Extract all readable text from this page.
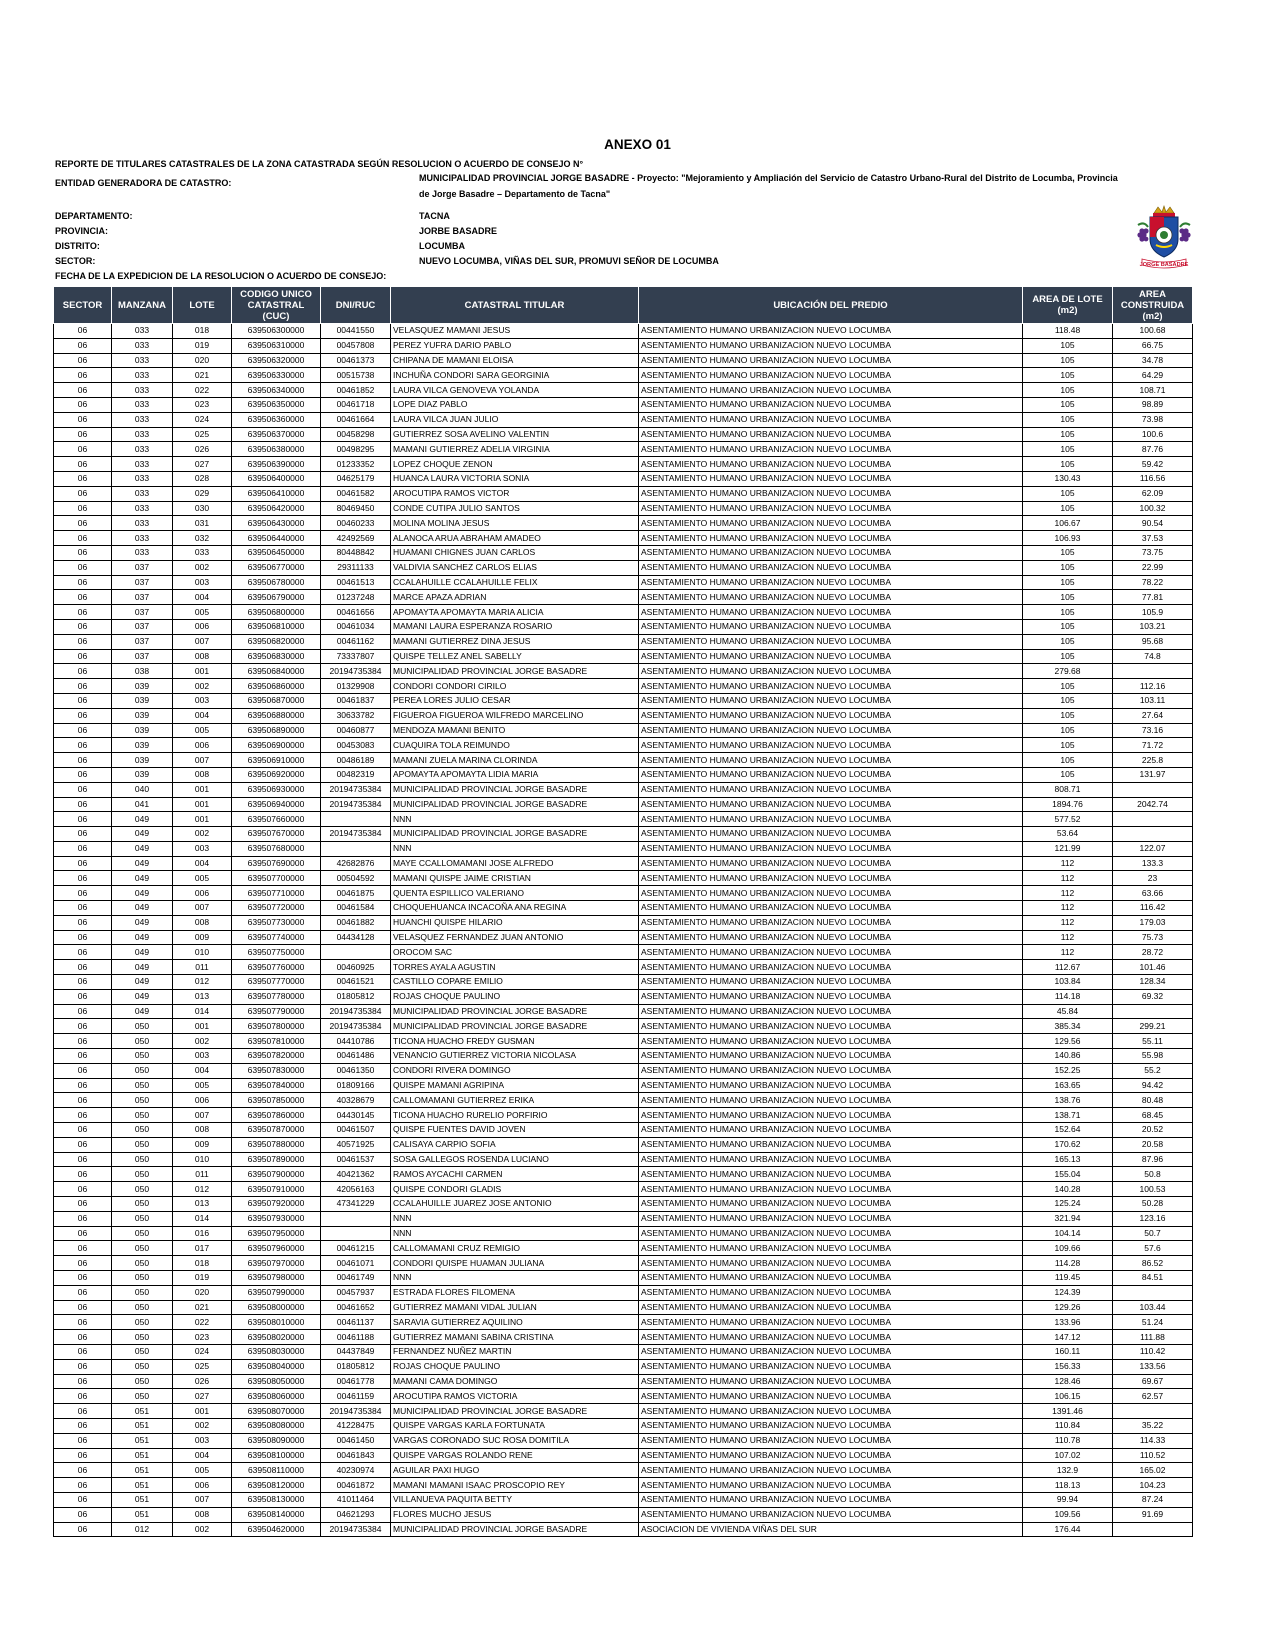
ANEXO 01
REPORTE DE TITULARES CATASTRALES DE LA ZONA CATASTRADA SEGÚN RESOLUCION O ACUERDO DE CONSEJO N°
ENTIDAD GENERADORA DE CATASTRO:	MUNICIPALIDAD PROVINCIAL JORGE BASADRE - Proyecto: "Mejoramiento y Ampliación del Servicio de Catastro Urbano-Rural del Distrito de Locumba, Provincia de Jorge Basadre – Departamento de Tacna"
DEPARTAMENTO:	TACNA
PROVINCIA:	JORBE BASADRE
DISTRITO:	LOCUMBA
SECTOR:	NUEVO LOCUMBA, VIÑAS DEL SUR, PROMUVI SEÑOR DE LOCUMBA
FECHA DE LA EXPEDICION DE LA RESOLUCION O ACUERDO DE CONSEJO:
JORGE BASADRE
SECTOR	MANZANA	LOTE	CODIGO UNICO CATASTRAL (CUC)	DNI/RUC	CATASTRAL TITULAR	UBICACIÓN DEL PREDIO	AREA DE LOTE (m2)	AREA CONSTRUIDA (m2)
06	033	018	639506300000	00441550	VELASQUEZ MAMANI JESUS	ASENTAMIENTO HUMANO URBANIZACION NUEVO LOCUMBA	118.48	100.68
06	033	019	639506310000	00457808	PEREZ YUFRA DARIO PABLO	ASENTAMIENTO HUMANO URBANIZACION NUEVO LOCUMBA	105	66.75
06	033	020	639506320000	00461373	CHIPANA DE MAMANI ELOISA	ASENTAMIENTO HUMANO URBANIZACION NUEVO LOCUMBA	105	34.78
06	033	021	639506330000	00515738	INCHUÑA CONDORI SARA GEORGINIA	ASENTAMIENTO HUMANO URBANIZACION NUEVO LOCUMBA	105	64.29
06	033	022	639506340000	00461852	LAURA VILCA GENOVEVA YOLANDA	ASENTAMIENTO HUMANO URBANIZACION NUEVO LOCUMBA	105	108.71
06	033	023	639506350000	00461718	LOPE DIAZ PABLO	ASENTAMIENTO HUMANO URBANIZACION NUEVO LOCUMBA	105	98.89
06	033	024	639506360000	00461664	LAURA VILCA JUAN JULIO	ASENTAMIENTO HUMANO URBANIZACION NUEVO LOCUMBA	105	73.98
06	033	025	639506370000	00458298	GUTIERREZ SOSA AVELINO VALENTIN	ASENTAMIENTO HUMANO URBANIZACION NUEVO LOCUMBA	105	100.6
06	033	026	639506380000	00498295	MAMANI GUTIERREZ ADELIA VIRGINIA	ASENTAMIENTO HUMANO URBANIZACION NUEVO LOCUMBA	105	87.76
06	033	027	639506390000	01233352	LOPEZ CHOQUE ZENON	ASENTAMIENTO HUMANO URBANIZACION NUEVO LOCUMBA	105	59.42
06	033	028	639506400000	04625179	HUANCA LAURA VICTORIA SONIA	ASENTAMIENTO HUMANO URBANIZACION NUEVO LOCUMBA	130.43	116.56
06	033	029	639506410000	00461582	AROCUTIPA RAMOS VICTOR	ASENTAMIENTO HUMANO URBANIZACION NUEVO LOCUMBA	105	62.09
06	033	030	639506420000	80469450	CONDE CUTIPA JULIO SANTOS	ASENTAMIENTO HUMANO URBANIZACION NUEVO LOCUMBA	105	100.32
06	033	031	639506430000	00460233	MOLINA MOLINA JESUS	ASENTAMIENTO HUMANO URBANIZACION NUEVO LOCUMBA	106.67	90.54
06	033	032	639506440000	42492569	ALANOCA ARUA ABRAHAM AMADEO	ASENTAMIENTO HUMANO URBANIZACION NUEVO LOCUMBA	106.93	37.53
06	033	033	639506450000	80448842	HUAMANI CHIGNES JUAN CARLOS	ASENTAMIENTO HUMANO URBANIZACION NUEVO LOCUMBA	105	73.75
06	037	002	639506770000	29311133	VALDIVIA SANCHEZ CARLOS ELIAS	ASENTAMIENTO HUMANO URBANIZACION NUEVO LOCUMBA	105	22.99
06	037	003	639506780000	00461513	CCALAHUILLE CCALAHUILLE FELIX	ASENTAMIENTO HUMANO URBANIZACION NUEVO LOCUMBA	105	78.22
06	037	004	639506790000	01237248	MARCE APAZA ADRIAN	ASENTAMIENTO HUMANO URBANIZACION NUEVO LOCUMBA	105	77.81
06	037	005	639506800000	00461656	APOMAYTA APOMAYTA MARIA ALICIA	ASENTAMIENTO HUMANO URBANIZACION NUEVO LOCUMBA	105	105.9
06	037	006	639506810000	00461034	MAMANI LAURA ESPERANZA ROSARIO	ASENTAMIENTO HUMANO URBANIZACION NUEVO LOCUMBA	105	103.21
06	037	007	639506820000	00461162	MAMANI GUTIERREZ DINA JESUS	ASENTAMIENTO HUMANO URBANIZACION NUEVO LOCUMBA	105	95.68
06	037	008	639506830000	73337807	QUISPE TELLEZ ANEL SABELLY	ASENTAMIENTO HUMANO URBANIZACION NUEVO LOCUMBA	105	74.8
06	038	001	639506840000	20194735384	MUNICIPALIDAD PROVINCIAL JORGE BASADRE	ASENTAMIENTO HUMANO URBANIZACION NUEVO LOCUMBA	279.68	
06	039	002	639506860000	01329908	CONDORI CONDORI CIRILO	ASENTAMIENTO HUMANO URBANIZACION NUEVO LOCUMBA	105	112.16
06	039	003	639506870000	00461837	PEREA LORES JULIO CESAR	ASENTAMIENTO HUMANO URBANIZACION NUEVO LOCUMBA	105	103.11
06	039	004	639506880000	30633782	FIGUEROA FIGUEROA WILFREDO MARCELINO	ASENTAMIENTO HUMANO URBANIZACION NUEVO LOCUMBA	105	27.64
06	039	005	639506890000	00460877	MENDOZA MAMANI BENITO	ASENTAMIENTO HUMANO URBANIZACION NUEVO LOCUMBA	105	73.16
06	039	006	639506900000	00453083	CUAQUIRA TOLA REIMUNDO	ASENTAMIENTO HUMANO URBANIZACION NUEVO LOCUMBA	105	71.72
06	039	007	639506910000	00486189	MAMANI ZUELA MARINA CLORINDA	ASENTAMIENTO HUMANO URBANIZACION NUEVO LOCUMBA	105	225.8
06	039	008	639506920000	00482319	APOMAYTA APOMAYTA LIDIA MARIA	ASENTAMIENTO HUMANO URBANIZACION NUEVO LOCUMBA	105	131.97
06	040	001	639506930000	20194735384	MUNICIPALIDAD PROVINCIAL JORGE BASADRE	ASENTAMIENTO HUMANO URBANIZACION NUEVO LOCUMBA	808.71	
06	041	001	639506940000	20194735384	MUNICIPALIDAD PROVINCIAL JORGE BASADRE	ASENTAMIENTO HUMANO URBANIZACION NUEVO LOCUMBA	1894.76	2042.74
06	049	001	639507660000		NNN	ASENTAMIENTO HUMANO URBANIZACION NUEVO LOCUMBA	577.52	
06	049	002	639507670000	20194735384	MUNICIPALIDAD PROVINCIAL JORGE BASADRE	ASENTAMIENTO HUMANO URBANIZACION NUEVO LOCUMBA	53.64	
06	049	003	639507680000		NNN	ASENTAMIENTO HUMANO URBANIZACION NUEVO LOCUMBA	121.99	122.07
06	049	004	639507690000	42682876	MAYE CCALLOMAMANI JOSE ALFREDO	ASENTAMIENTO HUMANO URBANIZACION NUEVO LOCUMBA	112	133.3
06	049	005	639507700000	00504592	MAMANI QUISPE JAIME CRISTIAN	ASENTAMIENTO HUMANO URBANIZACION NUEVO LOCUMBA	112	23
06	049	006	639507710000	00461875	QUENTA ESPILLICO VALERIANO	ASENTAMIENTO HUMANO URBANIZACION NUEVO LOCUMBA	112	63.66
06	049	007	639507720000	00461584	CHOQUEHUANCA INCACOÑA ANA REGINA	ASENTAMIENTO HUMANO URBANIZACION NUEVO LOCUMBA	112	116.42
06	049	008	639507730000	00461882	HUANCHI QUISPE HILARIO	ASENTAMIENTO HUMANO URBANIZACION NUEVO LOCUMBA	112	179.03
06	049	009	639507740000	04434128	VELASQUEZ FERNANDEZ JUAN ANTONIO	ASENTAMIENTO HUMANO URBANIZACION NUEVO LOCUMBA	112	75.73
06	049	010	639507750000		OROCOM SAC	ASENTAMIENTO HUMANO URBANIZACION NUEVO LOCUMBA	112	28.72
06	049	011	639507760000	00460925	TORRES AYALA AGUSTIN	ASENTAMIENTO HUMANO URBANIZACION NUEVO LOCUMBA	112.67	101.46
06	049	012	639507770000	00461521	CASTILLO COPARE EMILIO	ASENTAMIENTO HUMANO URBANIZACION NUEVO LOCUMBA	103.84	128.34
06	049	013	639507780000	01805812	ROJAS CHOQUE PAULINO	ASENTAMIENTO HUMANO URBANIZACION NUEVO LOCUMBA	114.18	69.32
06	049	014	639507790000	20194735384	MUNICIPALIDAD PROVINCIAL JORGE BASADRE	ASENTAMIENTO HUMANO URBANIZACION NUEVO LOCUMBA	45.84	
06	050	001	639507800000	20194735384	MUNICIPALIDAD PROVINCIAL JORGE BASADRE	ASENTAMIENTO HUMANO URBANIZACION NUEVO LOCUMBA	385.34	299.21
06	050	002	639507810000	04410786	TICONA HUACHO FREDY GUSMAN	ASENTAMIENTO HUMANO URBANIZACION NUEVO LOCUMBA	129.56	55.11
06	050	003	639507820000	00461486	VENANCIO GUTIERREZ VICTORIA NICOLASA	ASENTAMIENTO HUMANO URBANIZACION NUEVO LOCUMBA	140.86	55.98
06	050	004	639507830000	00461350	CONDORI RIVERA DOMINGO	ASENTAMIENTO HUMANO URBANIZACION NUEVO LOCUMBA	152.25	55.2
06	050	005	639507840000	01809166	QUISPE MAMANI AGRIPINA	ASENTAMIENTO HUMANO URBANIZACION NUEVO LOCUMBA	163.65	94.42
06	050	006	639507850000	40328679	CALLOMAMANI GUTIERREZ ERIKA	ASENTAMIENTO HUMANO URBANIZACION NUEVO LOCUMBA	138.76	80.48
06	050	007	639507860000	04430145	TICONA HUACHO RURELIO PORFIRIO	ASENTAMIENTO HUMANO URBANIZACION NUEVO LOCUMBA	138.71	68.45
06	050	008	639507870000	00461507	QUISPE FUENTES DAVID JOVEN	ASENTAMIENTO HUMANO URBANIZACION NUEVO LOCUMBA	152.64	20.52
06	050	009	639507880000	40571925	CALISAYA CARPIO SOFIA	ASENTAMIENTO HUMANO URBANIZACION NUEVO LOCUMBA	170.62	20.58
06	050	010	639507890000	00461537	SOSA GALLEGOS ROSENDA LUCIANO	ASENTAMIENTO HUMANO URBANIZACION NUEVO LOCUMBA	165.13	87.96
06	050	011	639507900000	40421362	RAMOS AYCACHI CARMEN	ASENTAMIENTO HUMANO URBANIZACION NUEVO LOCUMBA	155.04	50.8
06	050	012	639507910000	42056163	QUISPE CONDORI GLADIS	ASENTAMIENTO HUMANO URBANIZACION NUEVO LOCUMBA	140.28	100.53
06	050	013	639507920000	47341229	CCALAHUILLE JUAREZ JOSE ANTONIO	ASENTAMIENTO HUMANO URBANIZACION NUEVO LOCUMBA	125.24	50.28
06	050	014	639507930000		NNN	ASENTAMIENTO HUMANO URBANIZACION NUEVO LOCUMBA	321.94	123.16
06	050	016	639507950000		NNN	ASENTAMIENTO HUMANO URBANIZACION NUEVO LOCUMBA	104.14	50.7
06	050	017	639507960000	00461215	CALLOMAMANI CRUZ REMIGIO	ASENTAMIENTO HUMANO URBANIZACION NUEVO LOCUMBA	109.66	57.6
06	050	018	639507970000	00461071	CONDORI QUISPE HUAMAN JULIANA	ASENTAMIENTO HUMANO URBANIZACION NUEVO LOCUMBA	114.28	86.52
06	050	019	639507980000	00461749	NNN	ASENTAMIENTO HUMANO URBANIZACION NUEVO LOCUMBA	119.45	84.51
06	050	020	639507990000	00457937	ESTRADA FLORES FILOMENA	ASENTAMIENTO HUMANO URBANIZACION NUEVO LOCUMBA	124.39	
06	050	021	639508000000	00461652	GUTIERREZ MAMANI VIDAL JULIAN	ASENTAMIENTO HUMANO URBANIZACION NUEVO LOCUMBA	129.26	103.44
06	050	022	639508010000	00461137	SARAVIA GUTIERREZ AQUILINO	ASENTAMIENTO HUMANO URBANIZACION NUEVO LOCUMBA	133.96	51.24
06	050	023	639508020000	00461188	GUTIERREZ MAMANI SABINA CRISTINA	ASENTAMIENTO HUMANO URBANIZACION NUEVO LOCUMBA	147.12	111.88
06	050	024	639508030000	04437849	FERNANDEZ NUÑEZ MARTIN	ASENTAMIENTO HUMANO URBANIZACION NUEVO LOCUMBA	160.11	110.42
06	050	025	639508040000	01805812	ROJAS CHOQUE PAULINO	ASENTAMIENTO HUMANO URBANIZACION NUEVO LOCUMBA	156.33	133.56
06	050	026	639508050000	00461778	MAMANI CAMA DOMINGO	ASENTAMIENTO HUMANO URBANIZACION NUEVO LOCUMBA	128.46	69.67
06	050	027	639508060000	00461159	AROCUTIPA RAMOS VICTORIA	ASENTAMIENTO HUMANO URBANIZACION NUEVO LOCUMBA	106.15	62.57
06	051	001	639508070000	20194735384	MUNICIPALIDAD PROVINCIAL JORGE BASADRE	ASENTAMIENTO HUMANO URBANIZACION NUEVO LOCUMBA	1391.46	
06	051	002	639508080000	41228475	QUISPE VARGAS KARLA FORTUNATA	ASENTAMIENTO HUMANO URBANIZACION NUEVO LOCUMBA	110.84	35.22
06	051	003	639508090000	00461450	VARGAS CORONADO SUC ROSA DOMITILA	ASENTAMIENTO HUMANO URBANIZACION NUEVO LOCUMBA	110.78	114.33
06	051	004	639508100000	00461843	QUISPE VARGAS ROLANDO RENE	ASENTAMIENTO HUMANO URBANIZACION NUEVO LOCUMBA	107.02	110.52
06	051	005	639508110000	40230974	AGUILAR PAXI HUGO	ASENTAMIENTO HUMANO URBANIZACION NUEVO LOCUMBA	132.9	165.02
06	051	006	639508120000	00461872	MAMANI MAMANI ISAAC PROSCOPIO REY	ASENTAMIENTO HUMANO URBANIZACION NUEVO LOCUMBA	118.13	104.23
06	051	007	639508130000	41011464	VILLANUEVA PAQUITA BETTY	ASENTAMIENTO HUMANO URBANIZACION NUEVO LOCUMBA	99.94	87.24
06	051	008	639508140000	04621293	FLORES MUCHO JESUS	ASENTAMIENTO HUMANO URBANIZACION NUEVO LOCUMBA	109.56	91.69
06	012	002	639504620000	20194735384	MUNICIPALIDAD PROVINCIAL JORGE BASADRE	ASOCIACION DE VIVIENDA VIÑAS DEL SUR	176.44	
